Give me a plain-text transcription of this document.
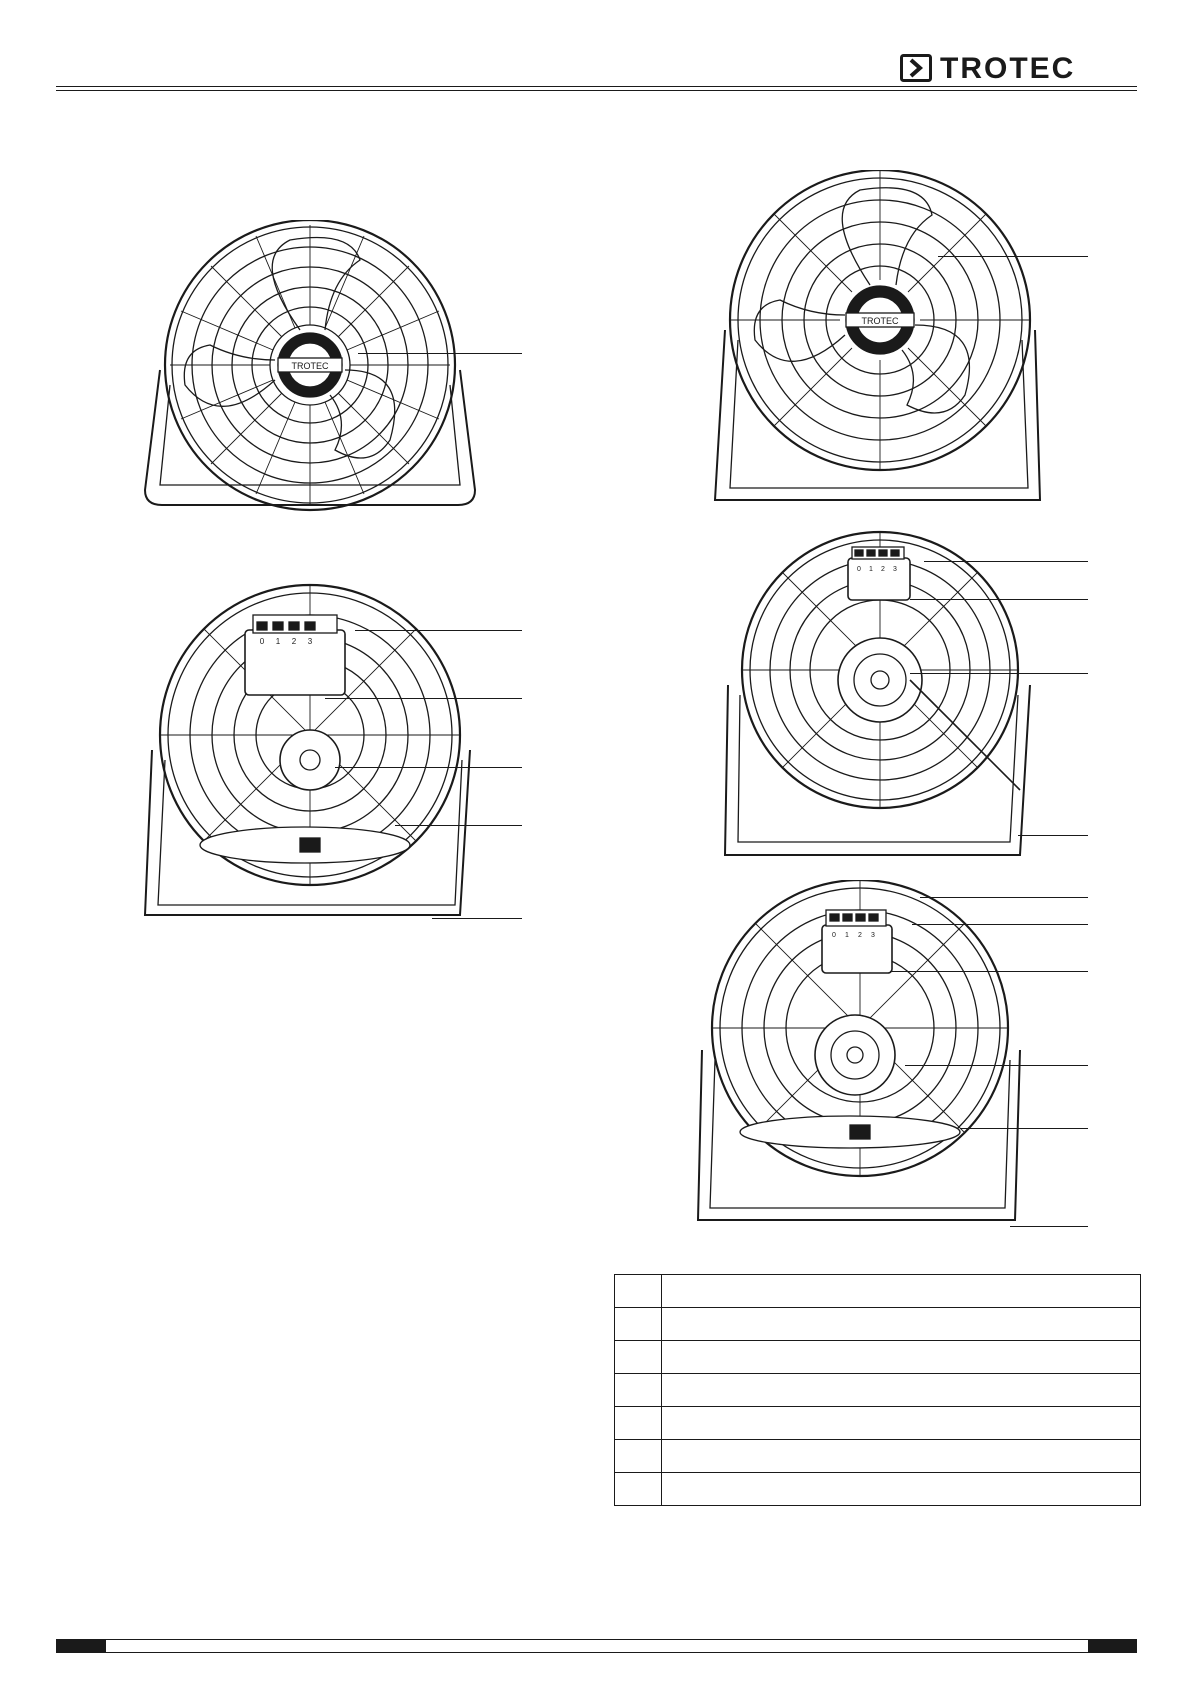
TROTEC
TROTEC
0 1 2 3
TROTEC
0 1 2 3
0 1 2 3
